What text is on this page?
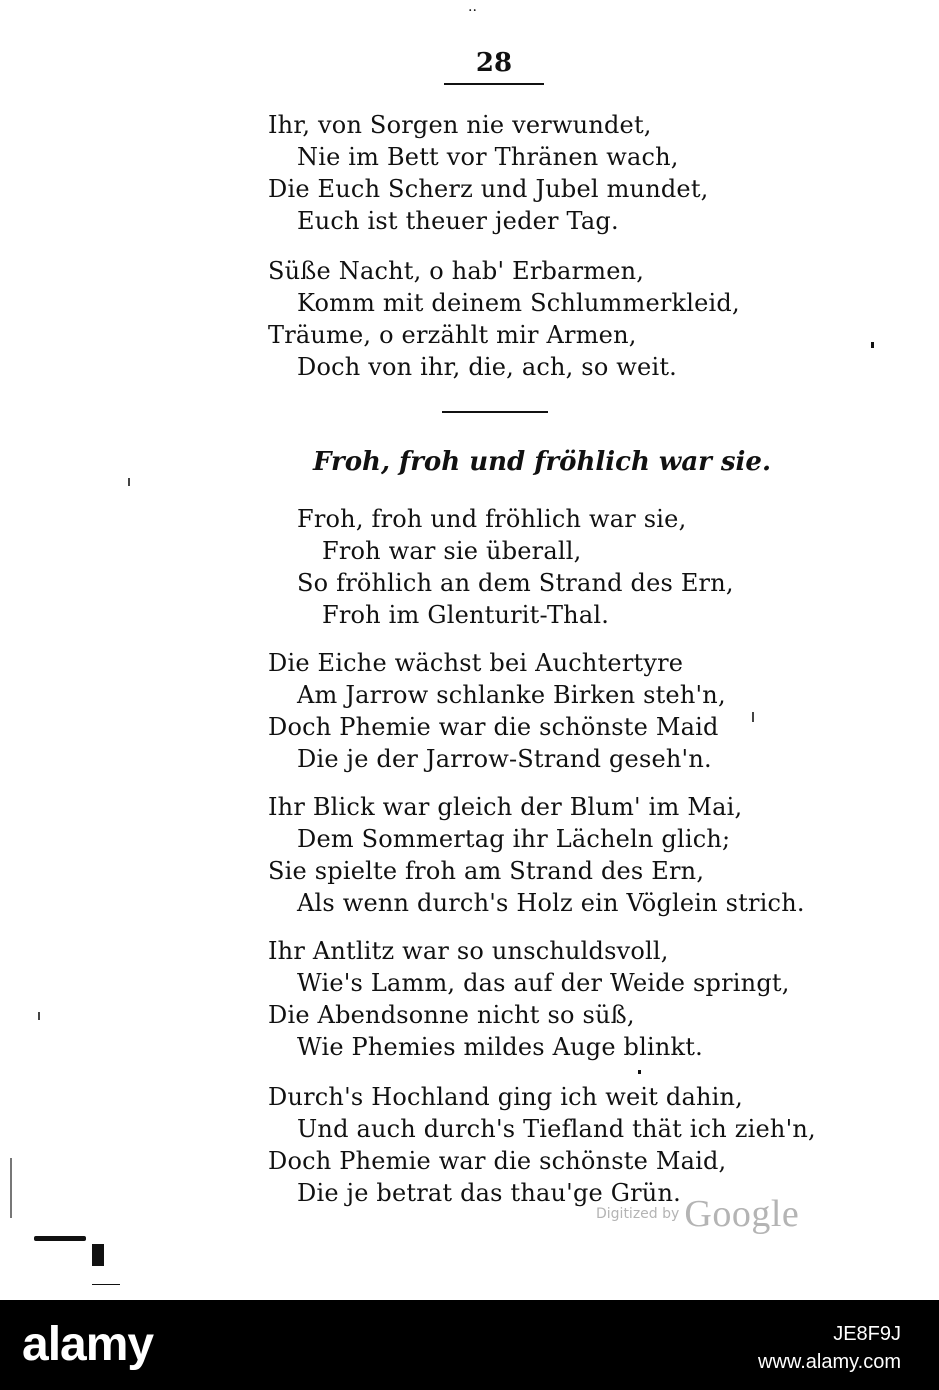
..
28
Ihr, von Sorgen nie verwundet,
Nie im Bett vor Thränen wach,
Die Euch Scherz und Jubel mundet,
Euch ist theuer jeder Tag.
Süße Nacht, o hab' Erbarmen,
Komm mit deinem Schlummerkleid,
Träume, o erzählt mir Armen,
Doch von ihr, die, ach, so weit.
Froh, froh und fröhlich war sie.
Froh, froh und fröhlich war sie,
Froh war sie überall,
So fröhlich an dem Strand des Ern,
Froh im Glenturit-Thal.
Die Eiche wächst bei Auchtertyre
Am Jarrow schlanke Birken steh'n,
Doch Phemie war die schönste Maid
Die je der Jarrow-Strand geseh'n.
Ihr Blick war gleich der Blum' im Mai,
Dem Sommertag ihr Lächeln glich;
Sie spielte froh am Strand des Ern,
Als wenn durch's Holz ein Vöglein strich.
Ihr Antlitz war so unschuldsvoll,
Wie's Lamm, das auf der Weide springt,
Die Abendsonne nicht so süß,
Wie Phemies mildes Auge blinkt.
Durch's Hochland ging ich weit dahin,
Und auch durch's Tiefland thät ich zieh'n,
Doch Phemie war die schönste Maid,
Die je betrat das thau'ge Grün.
Digitized by Google
alamy	JE8F9J
www.alamy.com
